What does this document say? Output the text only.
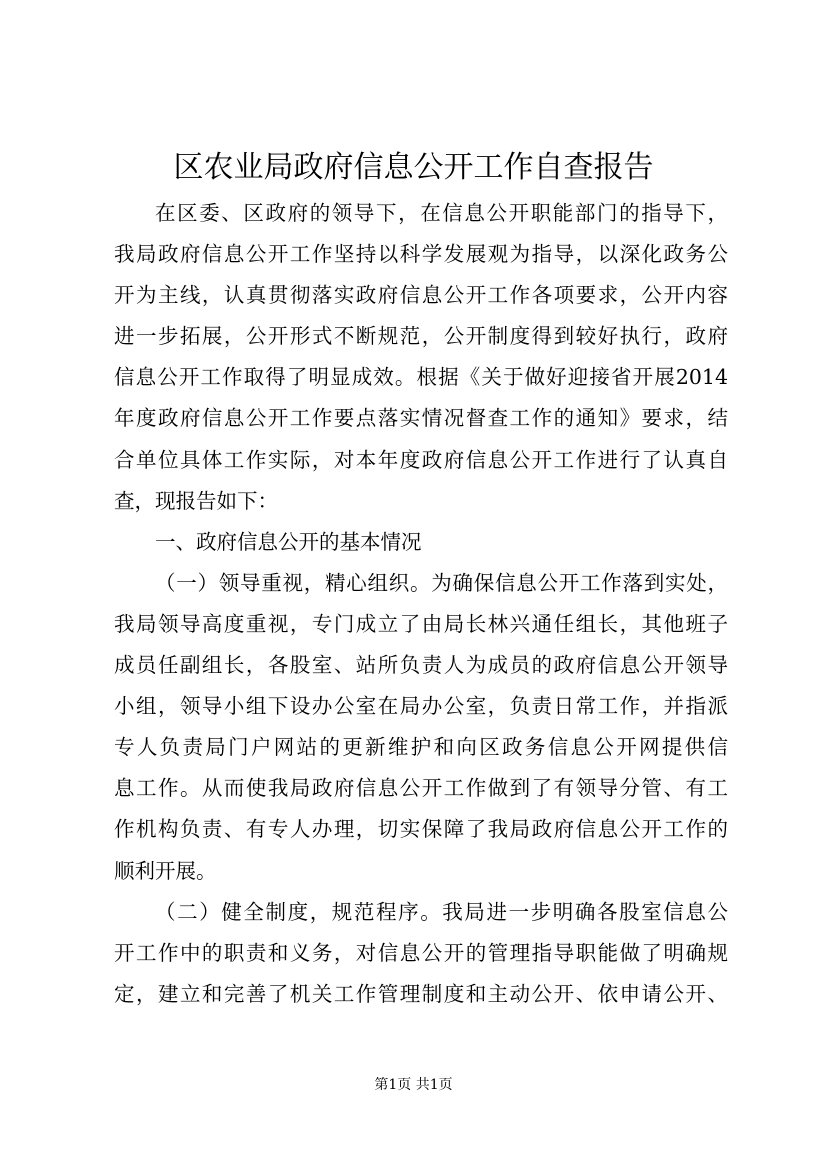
区农业局政府信息公开工作自查报告
在区委、区政府的领导下，在信息公开职能部门的指导下，
我局政府信息公开工作坚持以科学发展观为指导，以深化政务公
开为主线，认真贯彻落实政府信息公开工作各项要求，公开内容
进一步拓展，公开形式不断规范，公开制度得到较好执行，政府
信息公开工作取得了明显成效。根据《关于做好迎接省开展2014
年度政府信息公开工作要点落实情况督查工作的通知》要求，结
合单位具体工作实际，对本年度政府信息公开工作进行了认真自
查，现报告如下：
一、政府信息公开的基本情况
（一）领导重视，精心组织。为确保信息公开工作落到实处，
我局领导高度重视，专门成立了由局长林兴通任组长，其他班子
成员任副组长，各股室、站所负责人为成员的政府信息公开领导
小组，领导小组下设办公室在局办公室，负责日常工作，并指派
专人负责局门户网站的更新维护和向区政务信息公开网提供信
息工作。从而使我局政府信息公开工作做到了有领导分管、有工
作机构负责、有专人办理，切实保障了我局政府信息公开工作的
顺利开展。
（二）健全制度，规范程序。我局进一步明确各股室信息公
开工作中的职责和义务，对信息公开的管理指导职能做了明确规
定，建立和完善了机关工作管理制度和主动公开、依申请公开、
第1页 共1页
